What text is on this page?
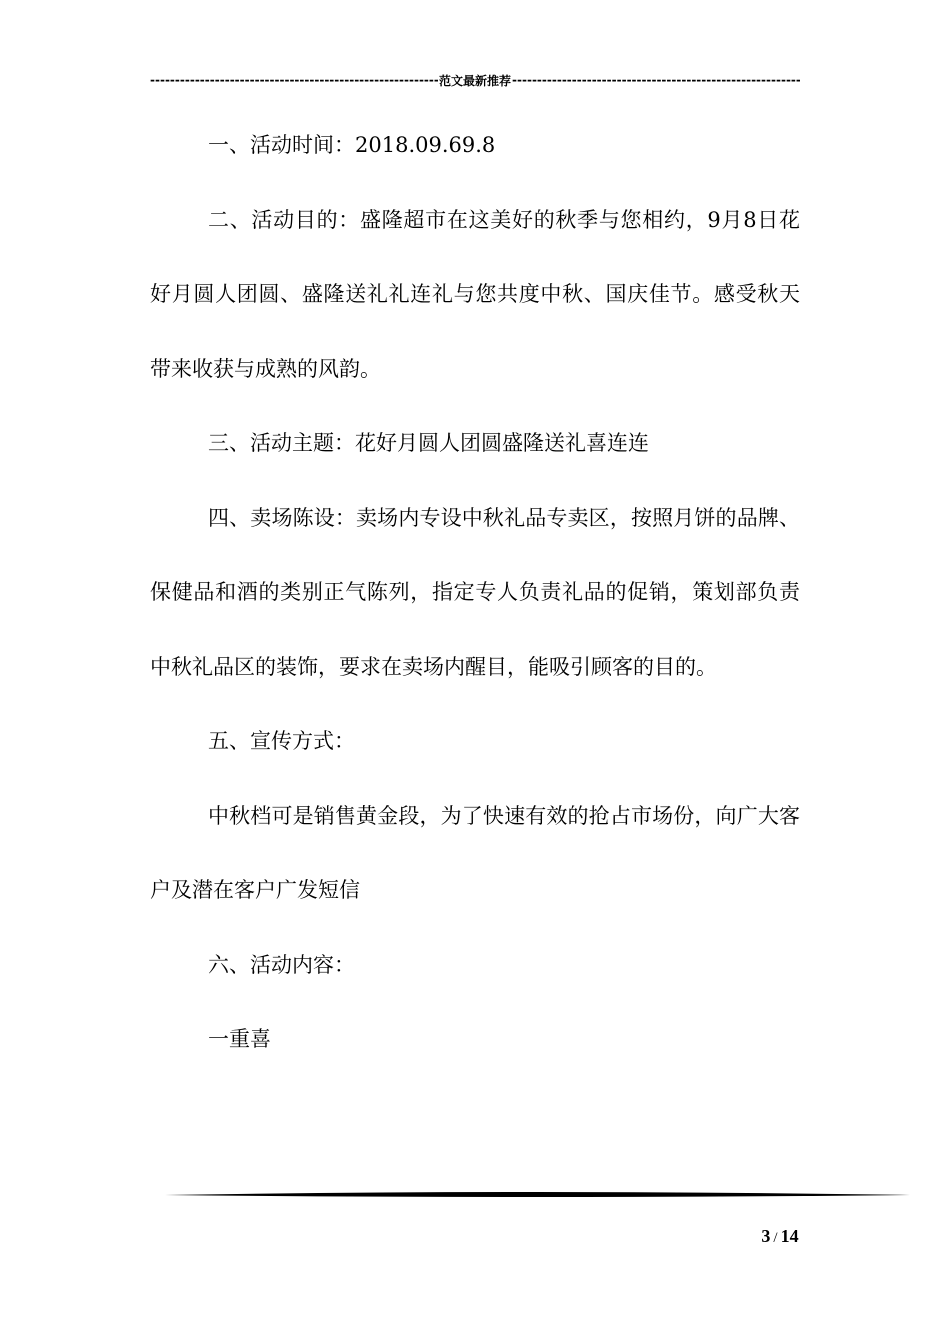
-----
范文最新推荐
-----

一、活动时间：2018.09.69.8

二、活动目的：盛隆超市在这美好的秋季与您相约，9月8日花好月圆人团圆、盛隆送礼礼连礼与您共度中秋、国庆佳节。感受秋天带来收获与成熟的风韵。

三、活动主题：花好月圆人团圆盛隆送礼喜连连

四、卖场陈设：卖场内专设中秋礼品专卖区，按照月饼的品牌、保健品和酒的类别正气陈列，指定专人负责礼品的促销，策划部负责中秋礼品区的装饰，要求在卖场内醒目，能吸引顾客的目的。

五、宣传方式：

中秋档可是销售黄金段，为了快速有效的抢占市场份，向广大客户及潜在客户广发短信

六、活动内容：

一重喜

3 / 14
